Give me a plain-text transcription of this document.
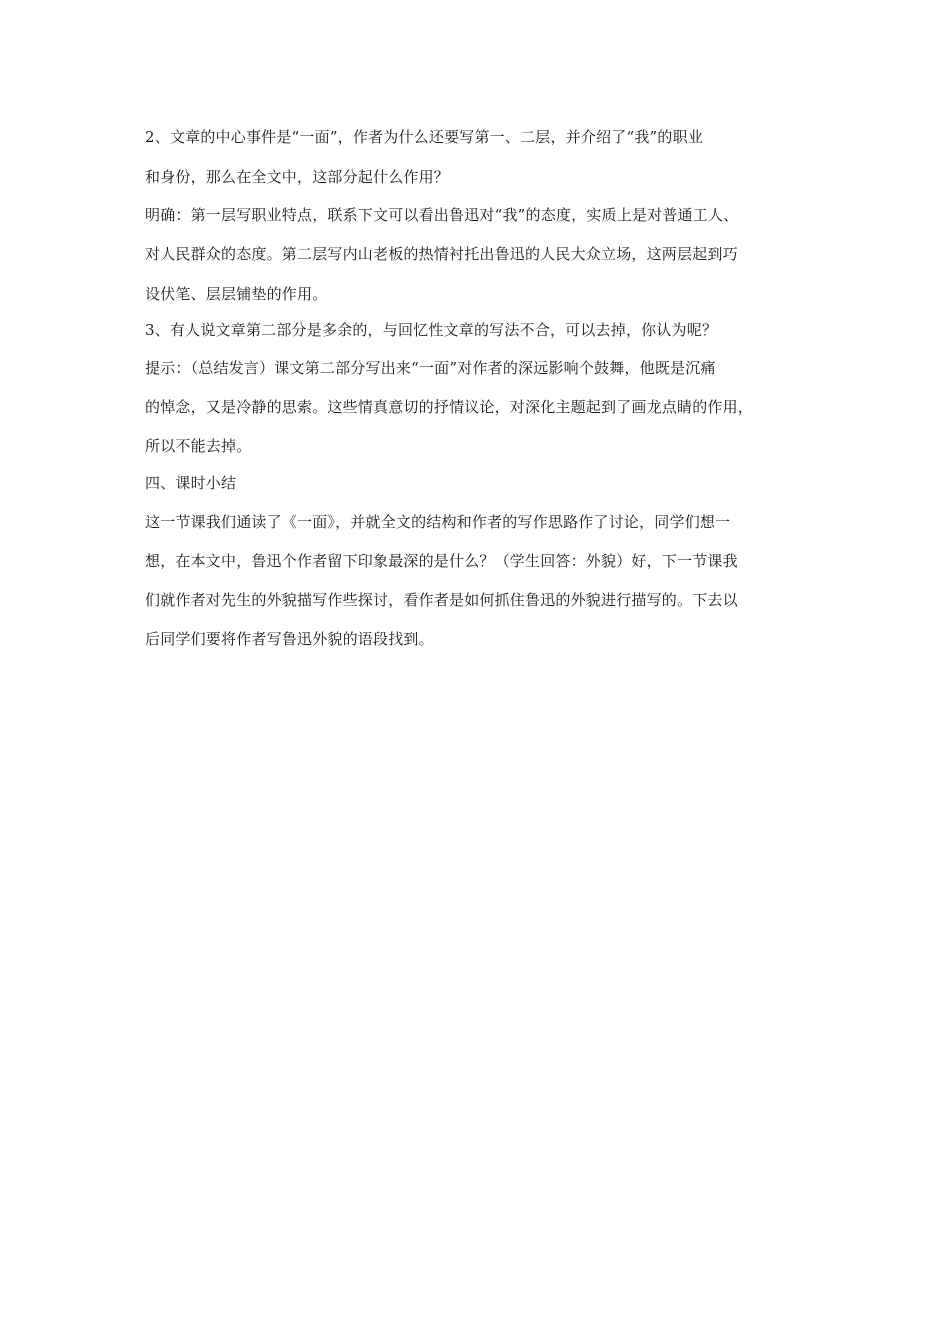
2、文章的中心事件是“一面”，作者为什么还要写第一、二层，并介绍了“我”的职业
和身份，那么在全文中，这部分起什么作用？
明确：第一层写职业特点，联系下文可以看出鲁迅对“我”的态度，实质上是对普通工人、
对人民群众的态度。第二层写内山老板的热情衬托出鲁迅的人民大众立场，这两层起到巧
设伏笔、层层铺垫的作用。
3、有人说文章第二部分是多余的，与回忆性文章的写法不合，可以去掉，你认为呢？
提示：（总结发言）课文第二部分写出来“一面”对作者的深远影响个鼓舞，他既是沉痛
的悼念，又是冷静的思索。这些情真意切的抒情议论，对深化主题起到了画龙点睛的作用，
所以不能去掉。
四、课时小结
这一节课我们通读了《一面》，并就全文的结构和作者的写作思路作了讨论，同学们想一
想，在本文中，鲁迅个作者留下印象最深的是什么？（学生回答：外貌）好，下一节课我
们就作者对先生的外貌描写作些探讨，看作者是如何抓住鲁迅的外貌进行描写的。下去以
后同学们要将作者写鲁迅外貌的语段找到。
